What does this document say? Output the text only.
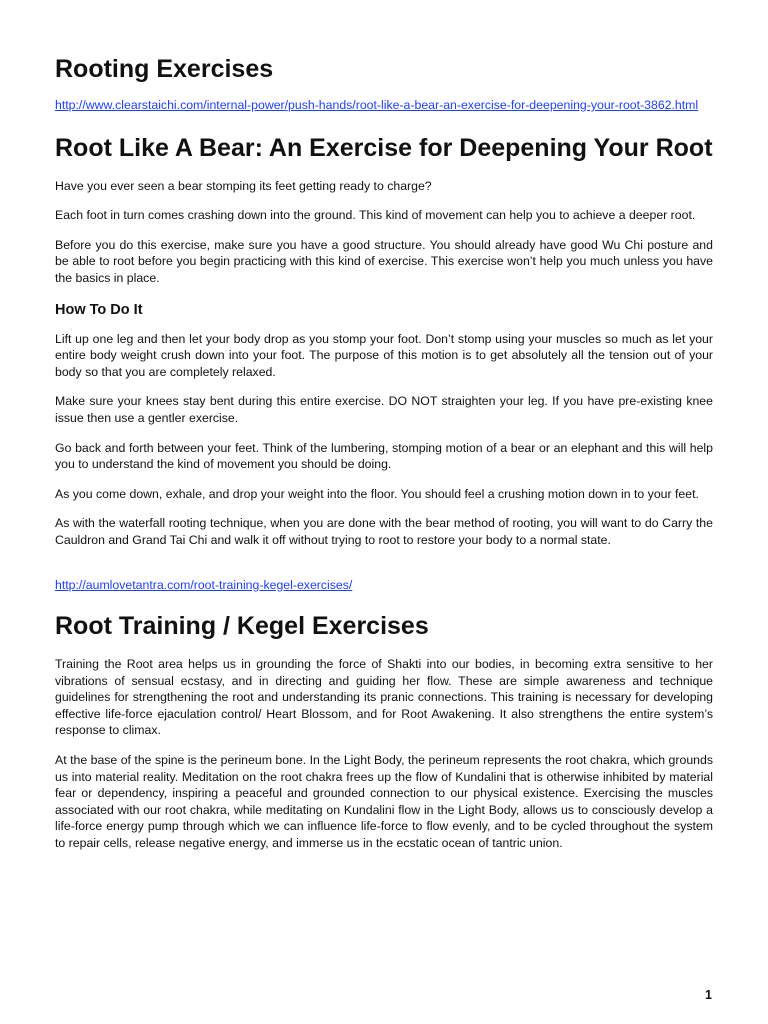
Rooting Exercises
http://www.clearstaichi.com/internal-power/push-hands/root-like-a-bear-an-exercise-for-deepening-your-root-3862.html
Root Like A Bear: An Exercise for Deepening Your Root

Have you ever seen a bear stomping its feet getting ready to charge?

Each foot in turn comes crashing down into the ground. This kind of movement can help you to achieve a deeper root.

Before you do this exercise, make sure you have a good structure. You should already have good Wu Chi posture and be able to root before you begin practicing with this kind of exercise. This exercise won’t help you much unless you have the basics in place.

How To Do It

Lift up one leg and then let your body drop as you stomp your foot. Don’t stomp using your muscles so much as let your entire body weight crush down into your foot. The purpose of this motion is to get absolutely all the tension out of your body so that you are completely relaxed.

Make sure your knees stay bent during this entire exercise. DO NOT straighten your leg. If you have pre-existing knee issue then use a gentler exercise.

Go back and forth between your feet. Think of the lumbering, stomping motion of a bear or an elephant and this will help you to understand the kind of movement you should be doing.

As you come down, exhale, and drop your weight into the floor. You should feel a crushing motion down in to your feet.

As with the waterfall rooting technique, when you are done with the bear method of rooting, you will want to do Carry the Cauldron and Grand Tai Chi and walk it off without trying to root to restore your body to a normal state.

http://aumlovetantra.com/root-training-kegel-exercises/
Root Training / Kegel Exercises

Training the Root area helps us in grounding the force of Shakti into our bodies, in becoming extra sensitive to her vibrations of sensual ecstasy, and in directing and guiding her flow. These are simple awareness and technique guidelines for strengthening the root and understanding its pranic connections. This training is necessary for developing effective life-force ejaculation control/ Heart Blossom, and for Root Awakening. It also strengthens the entire system’s response to climax.

At the base of the spine is the perineum bone. In the Light Body, the perineum represents the root chakra, which grounds us into material reality. Meditation on the root chakra frees up the flow of Kundalini that is otherwise inhibited by material fear or dependency, inspiring a peaceful and grounded connection to our physical existence. Exercising the muscles associated with our root chakra, while meditating on Kundalini flow in the Light Body, allows us to consciously develop a life-force energy pump through which we can influence life-force to flow evenly, and to be cycled throughout the system to repair cells, release negative energy, and immerse us in the ecstatic ocean of tantric union.

1
